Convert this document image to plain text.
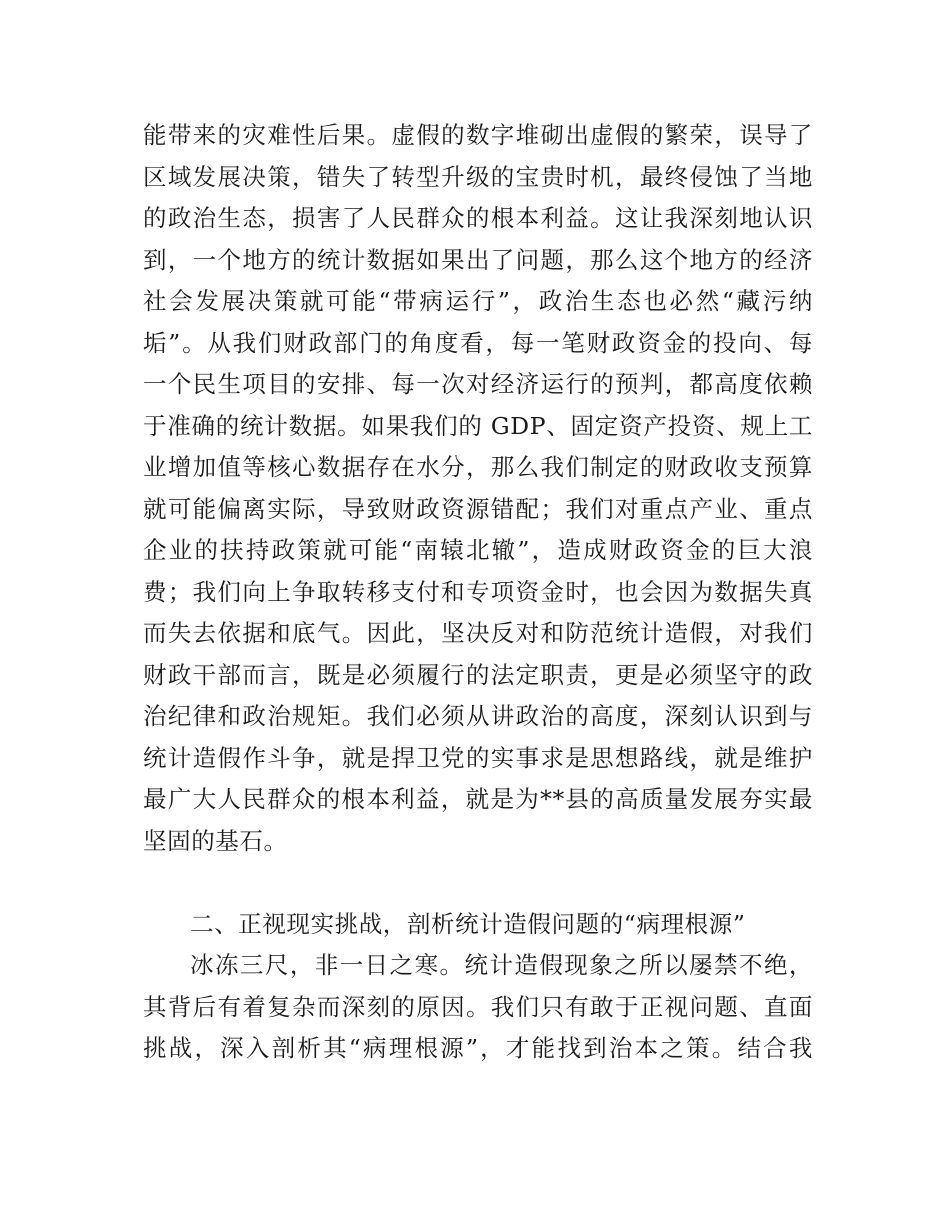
能带来的灾难性后果。虚假的数字堆砌出虚假的繁荣，误导了
区域发展决策，错失了转型升级的宝贵时机，最终侵蚀了当地
的政治生态，损害了人民群众的根本利益。这让我深刻地认识
到，一个地方的统计数据如果出了问题，那么这个地方的经济
社会发展决策就可能“带病运行”，政治生态也必然“藏污纳
垢”。从我们财政部门的角度看，每一笔财政资金的投向、每
一个民生项目的安排、每一次对经济运行的预判，都高度依赖
于准确的统计数据。如果我们的 GDP、固定资产投资、规上工
业增加值等核心数据存在水分，那么我们制定的财政收支预算
就可能偏离实际，导致财政资源错配；我们对重点产业、重点
企业的扶持政策就可能“南辕北辙”，造成财政资金的巨大浪
费；我们向上争取转移支付和专项资金时，也会因为数据失真
而失去依据和底气。因此，坚决反对和防范统计造假，对我们
财政干部而言，既是必须履行的法定职责，更是必须坚守的政
治纪律和政治规矩。我们必须从讲政治的高度，深刻认识到与
统计造假作斗争，就是捍卫党的实事求是思想路线，就是维护
最广大人民群众的根本利益，就是为**县的高质量发展夯实最
坚固的基石。
二、正视现实挑战，剖析统计造假问题的“病理根源”
冰冻三尺，非一日之寒。统计造假现象之所以屡禁不绝，
其背后有着复杂而深刻的原因。我们只有敢于正视问题、直面
挑战，深入剖析其“病理根源”，才能找到治本之策。结合我
